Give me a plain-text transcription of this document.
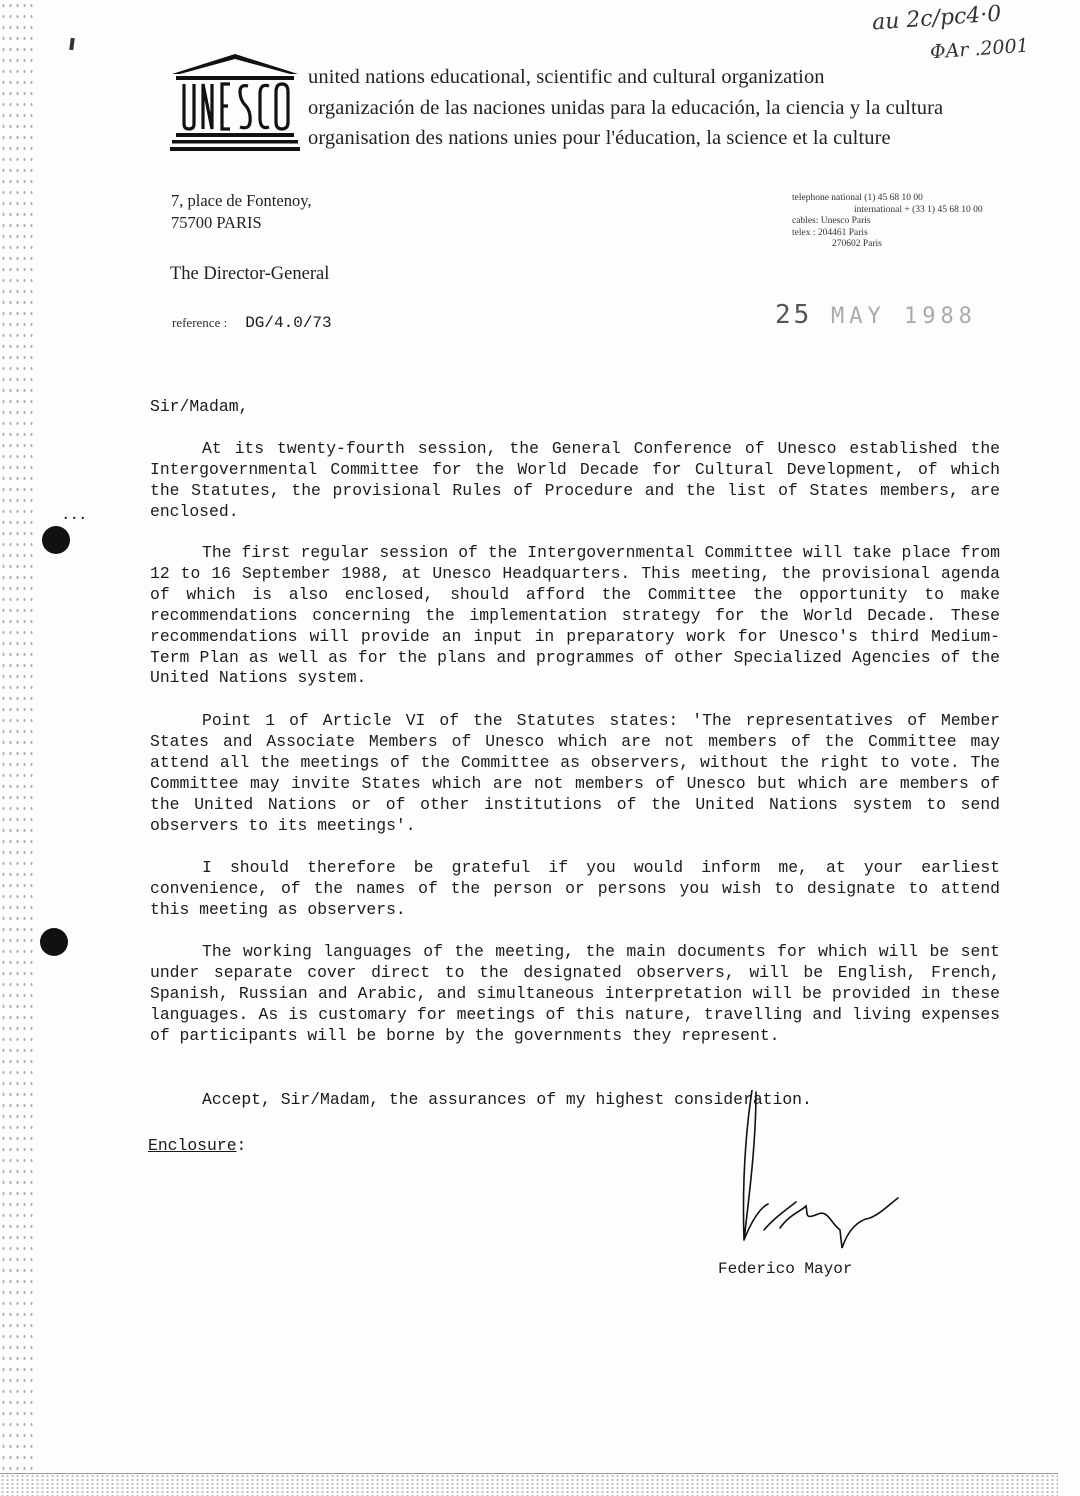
united nations educational, scientific and cultural organization
organización de las naciones unidas para la educación, la ciencia y la cultura
organisation des nations unies pour l'éducation, la science et la culture
au 2c/pc4·0
ΦAr .2001
7, place de Fontenoy,
75700 PARIS
The Director-General
reference : DG/4.0/73
telephone national (1) 45 68 10 00
international + (33 1) 45 68 10 00
cables: Unesco Paris
telex : 204461 Paris
270602 Paris
25 MAY 1988
Sir/Madam,

At its twenty-fourth session, the General Conference of Unesco established the Intergovernmental Committee for the World Decade for Cultural Development, of which the Statutes, the provisional Rules of Procedure and the list of States members, are enclosed.

The first regular session of the Intergovernmental Committee will take place from 12 to 16 September 1988, at Unesco Headquarters. This meeting, the provisional agenda of which is also enclosed, should afford the Committee the opportunity to make recommendations concerning the implementation strategy for the World Decade. These recommendations will provide an input in preparatory work for Unesco's third Medium-Term Plan as well as for the plans and programmes of other Specialized Agencies of the United Nations system.

Point 1 of Article VI of the Statutes states: 'The representatives of Member States and Associate Members of Unesco which are not members of the Committee may attend all the meetings of the Committee as observers, without the right to vote. The Committee may invite States which are not members of Unesco but which are members of the United Nations or of other institutions of the United Nations system to send observers to its meetings'.

I should therefore be grateful if you would inform me, at your earliest convenience, of the names of the person or persons you wish to designate to attend this meeting as observers.

The working languages of the meeting, the main documents for which will be sent under separate cover direct to the designated observers, will be English, French, Spanish, Russian and Arabic, and simultaneous interpretation will be provided in these languages. As is customary for meetings of this nature, travelling and living expenses of participants will be borne by the governments they represent.

Accept, Sir/Madam, the assurances of my highest consideration.
Enclosure:
Federico Mayor
...
